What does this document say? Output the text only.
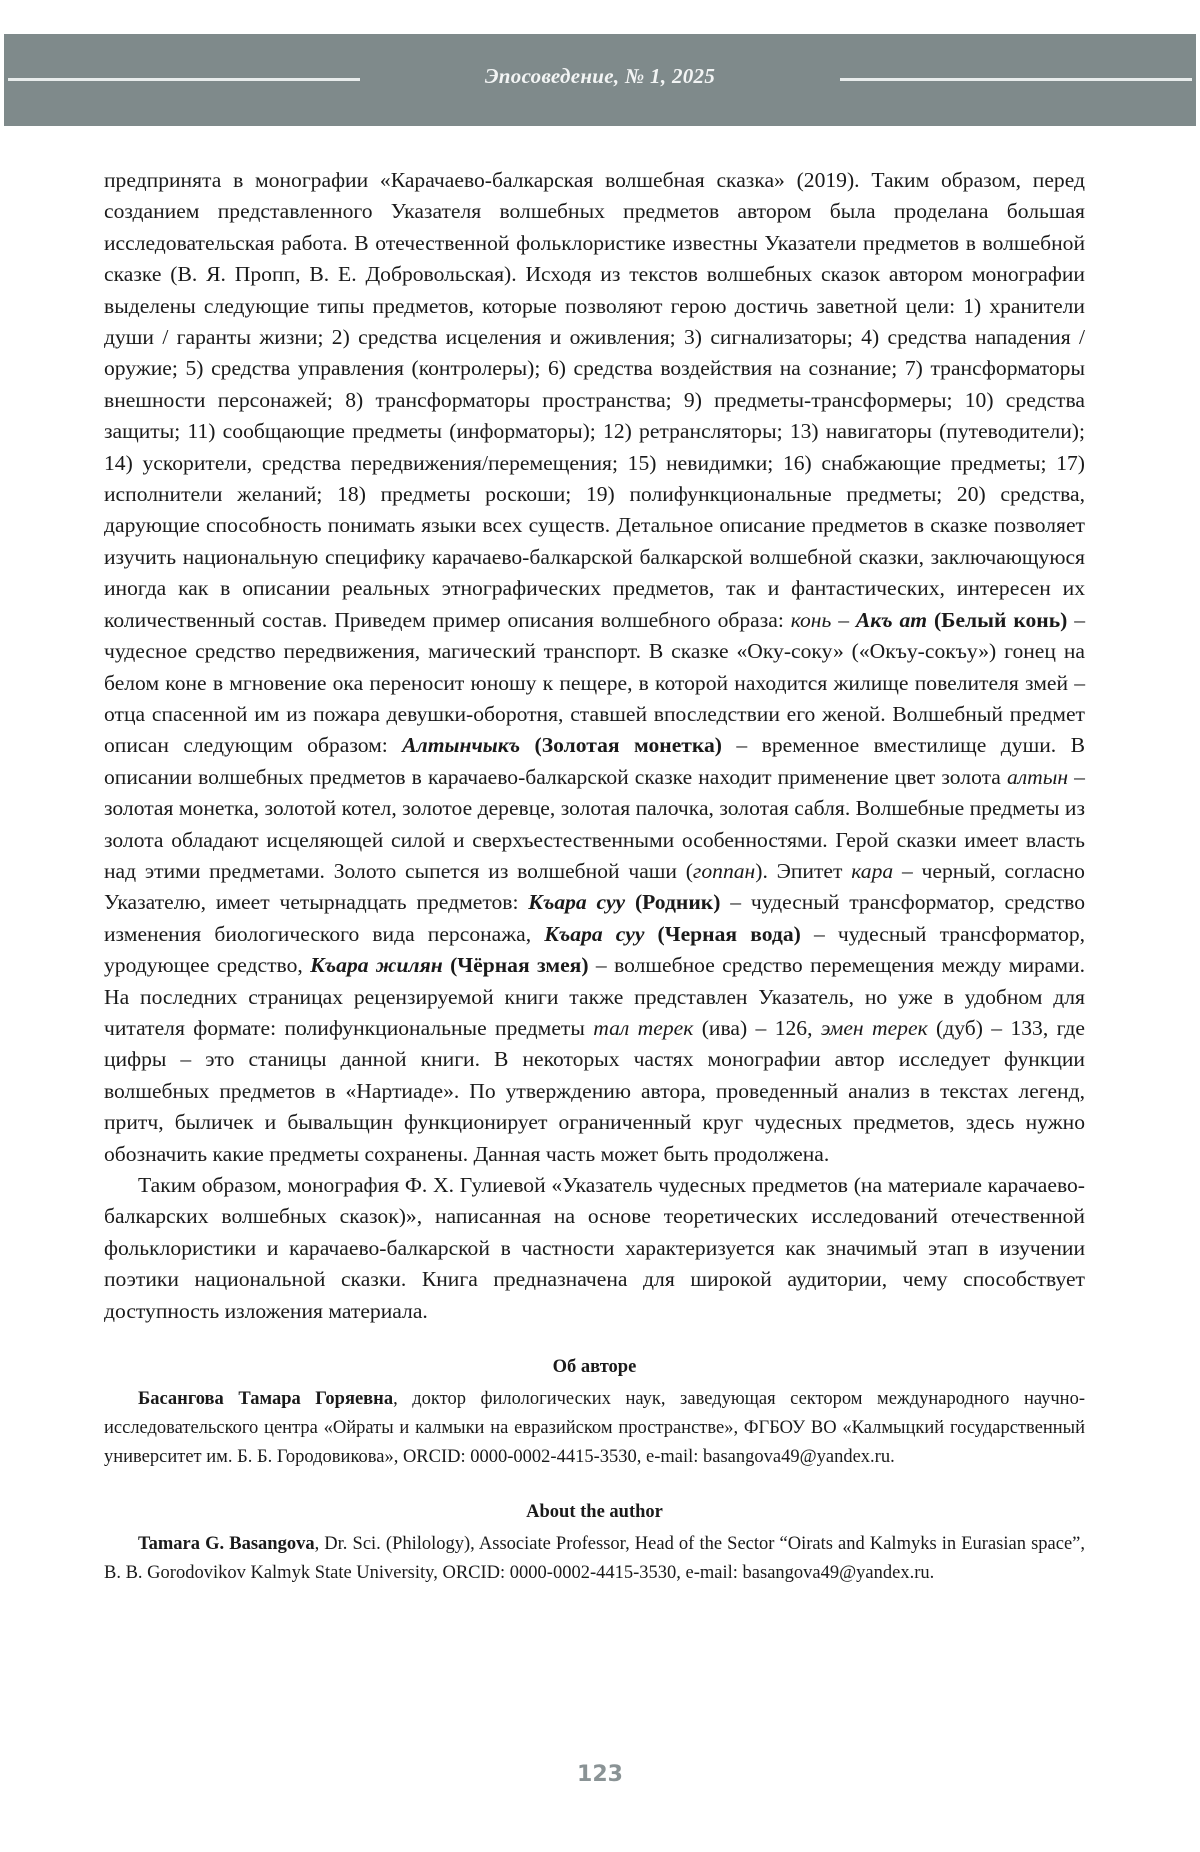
Эпосоведение, № 1, 2025

предпринята в монографии «Карачаево-балкарская волшебная сказка» (2019). Таким образом, перед созданием представленного Указателя волшебных предметов автором была проделана большая исследовательская работа. В отечественной фольклористике известны Указатели предметов в волшебной сказке (В. Я. Пропп, В. Е. Добровольская). Исходя из текстов волшебных сказок автором монографии выделены следующие типы предметов, которые позволяют герою достичь заветной цели: 1) хранители души / гаранты жизни; 2) средства исцеления и оживления; 3) сигнализаторы; 4) средства нападения / оружие; 5) средства управления (контролеры); 6) средства воздействия на сознание; 7) трансформаторы внешности персонажей; 8) трансформаторы пространства; 9) предметы-трансформеры; 10) средства защиты; 11) сообщающие предметы (информаторы); 12) ретрансляторы; 13) навигаторы (путеводители); 14) ускорители, средства передвижения/перемещения; 15) невидимки; 16) снабжающие предметы; 17) исполнители желаний; 18) предметы роскоши; 19) полифункциональные предметы; 20) средства, дарующие способность понимать языки всех существ. Детальное описание предметов в сказке позволяет изучить национальную специфику карачаево-балкарской балкарской волшебной сказки, заключающуюся иногда как в описании реальных этнографических предметов, так и фантастических, интересен их количественный состав. Приведем пример описания волшебного образа: конь – Акъ ат (Белый конь) – чудесное средство передвижения, магический транспорт. В сказке «Оку-соку» («Окъу-сокъу») гонец на белом коне в мгновение ока переносит юношу к пещере, в которой находится жилище повелителя змей – отца спасенной им из пожара девушки-оборотня, ставшей впоследствии его женой. Волшебный предмет описан следующим образом: Алтынчыкъ (Золотая монетка) – временное вместилище души. В описании волшебных предметов в карачаево-балкарской сказке находит применение цвет золота алтын – золотая монетка, золотой котел, золотое деревце, золотая палочка, золотая сабля. Волшебные предметы из золота обладают исцеляющей силой и сверхъестественными особенностями. Герой сказки имеет власть над этими предметами. Золото сыпется из волшебной чаши (гоппан). Эпитет кара – черный, согласно Указателю, имеет четырнадцать предметов: Къара суу (Родник) – чудесный трансформатор, средство изменения биологического вида персонажа, Къара суу (Черная вода) – чудесный трансформатор, уродующее средство, Къара жилян (Чёрная змея) – волшебное средство перемещения между мирами. На последних страницах рецензируемой книги также представлен Указатель, но уже в удобном для читателя формате: полифункциональные предметы тал терек (ива) – 126, эмен терек (дуб) – 133, где цифры – это станицы данной книги. В некоторых частях монографии автор исследует функции волшебных предметов в «Нартиаде». По утверждению автора, проведенный анализ в текстах легенд, притч, быличек и бывальщин функционирует ограниченный круг чудесных предметов, здесь нужно обозначить какие предметы сохранены. Данная часть может быть продолжена.

Таким образом, монография Ф. Х. Гулиевой «Указатель чудесных предметов (на материале карачаево-балкарских волшебных сказок)», написанная на основе теоретических исследований отечественной фольклористики и карачаево-балкарской в частности характеризуется как значимый этап в изучении поэтики национальной сказки. Книга предназначена для широкой аудитории, чему способствует доступность изложения материала.

Об авторе

Басангова Тамара Горяевна, доктор филологических наук, заведующая сектором международного научно-исследовательского центра «Ойраты и калмыки на евразийском пространстве», ФГБОУ ВО «Калмыцкий государственный университет им. Б. Б. Городовикова», ORCID: 0000-0002-4415-3530, e-mail: basangova49@yandex.ru.

About the author

Tamara G. Basangova, Dr. Sci. (Philology), Associate Professor, Head of the Sector “Oirats and Kalmyks in Eurasian space”, B. B. Gorodovikov Kalmyk State University, ORCID: 0000-0002-4415-3530, e-mail: basangova49@yandex.ru.

123
